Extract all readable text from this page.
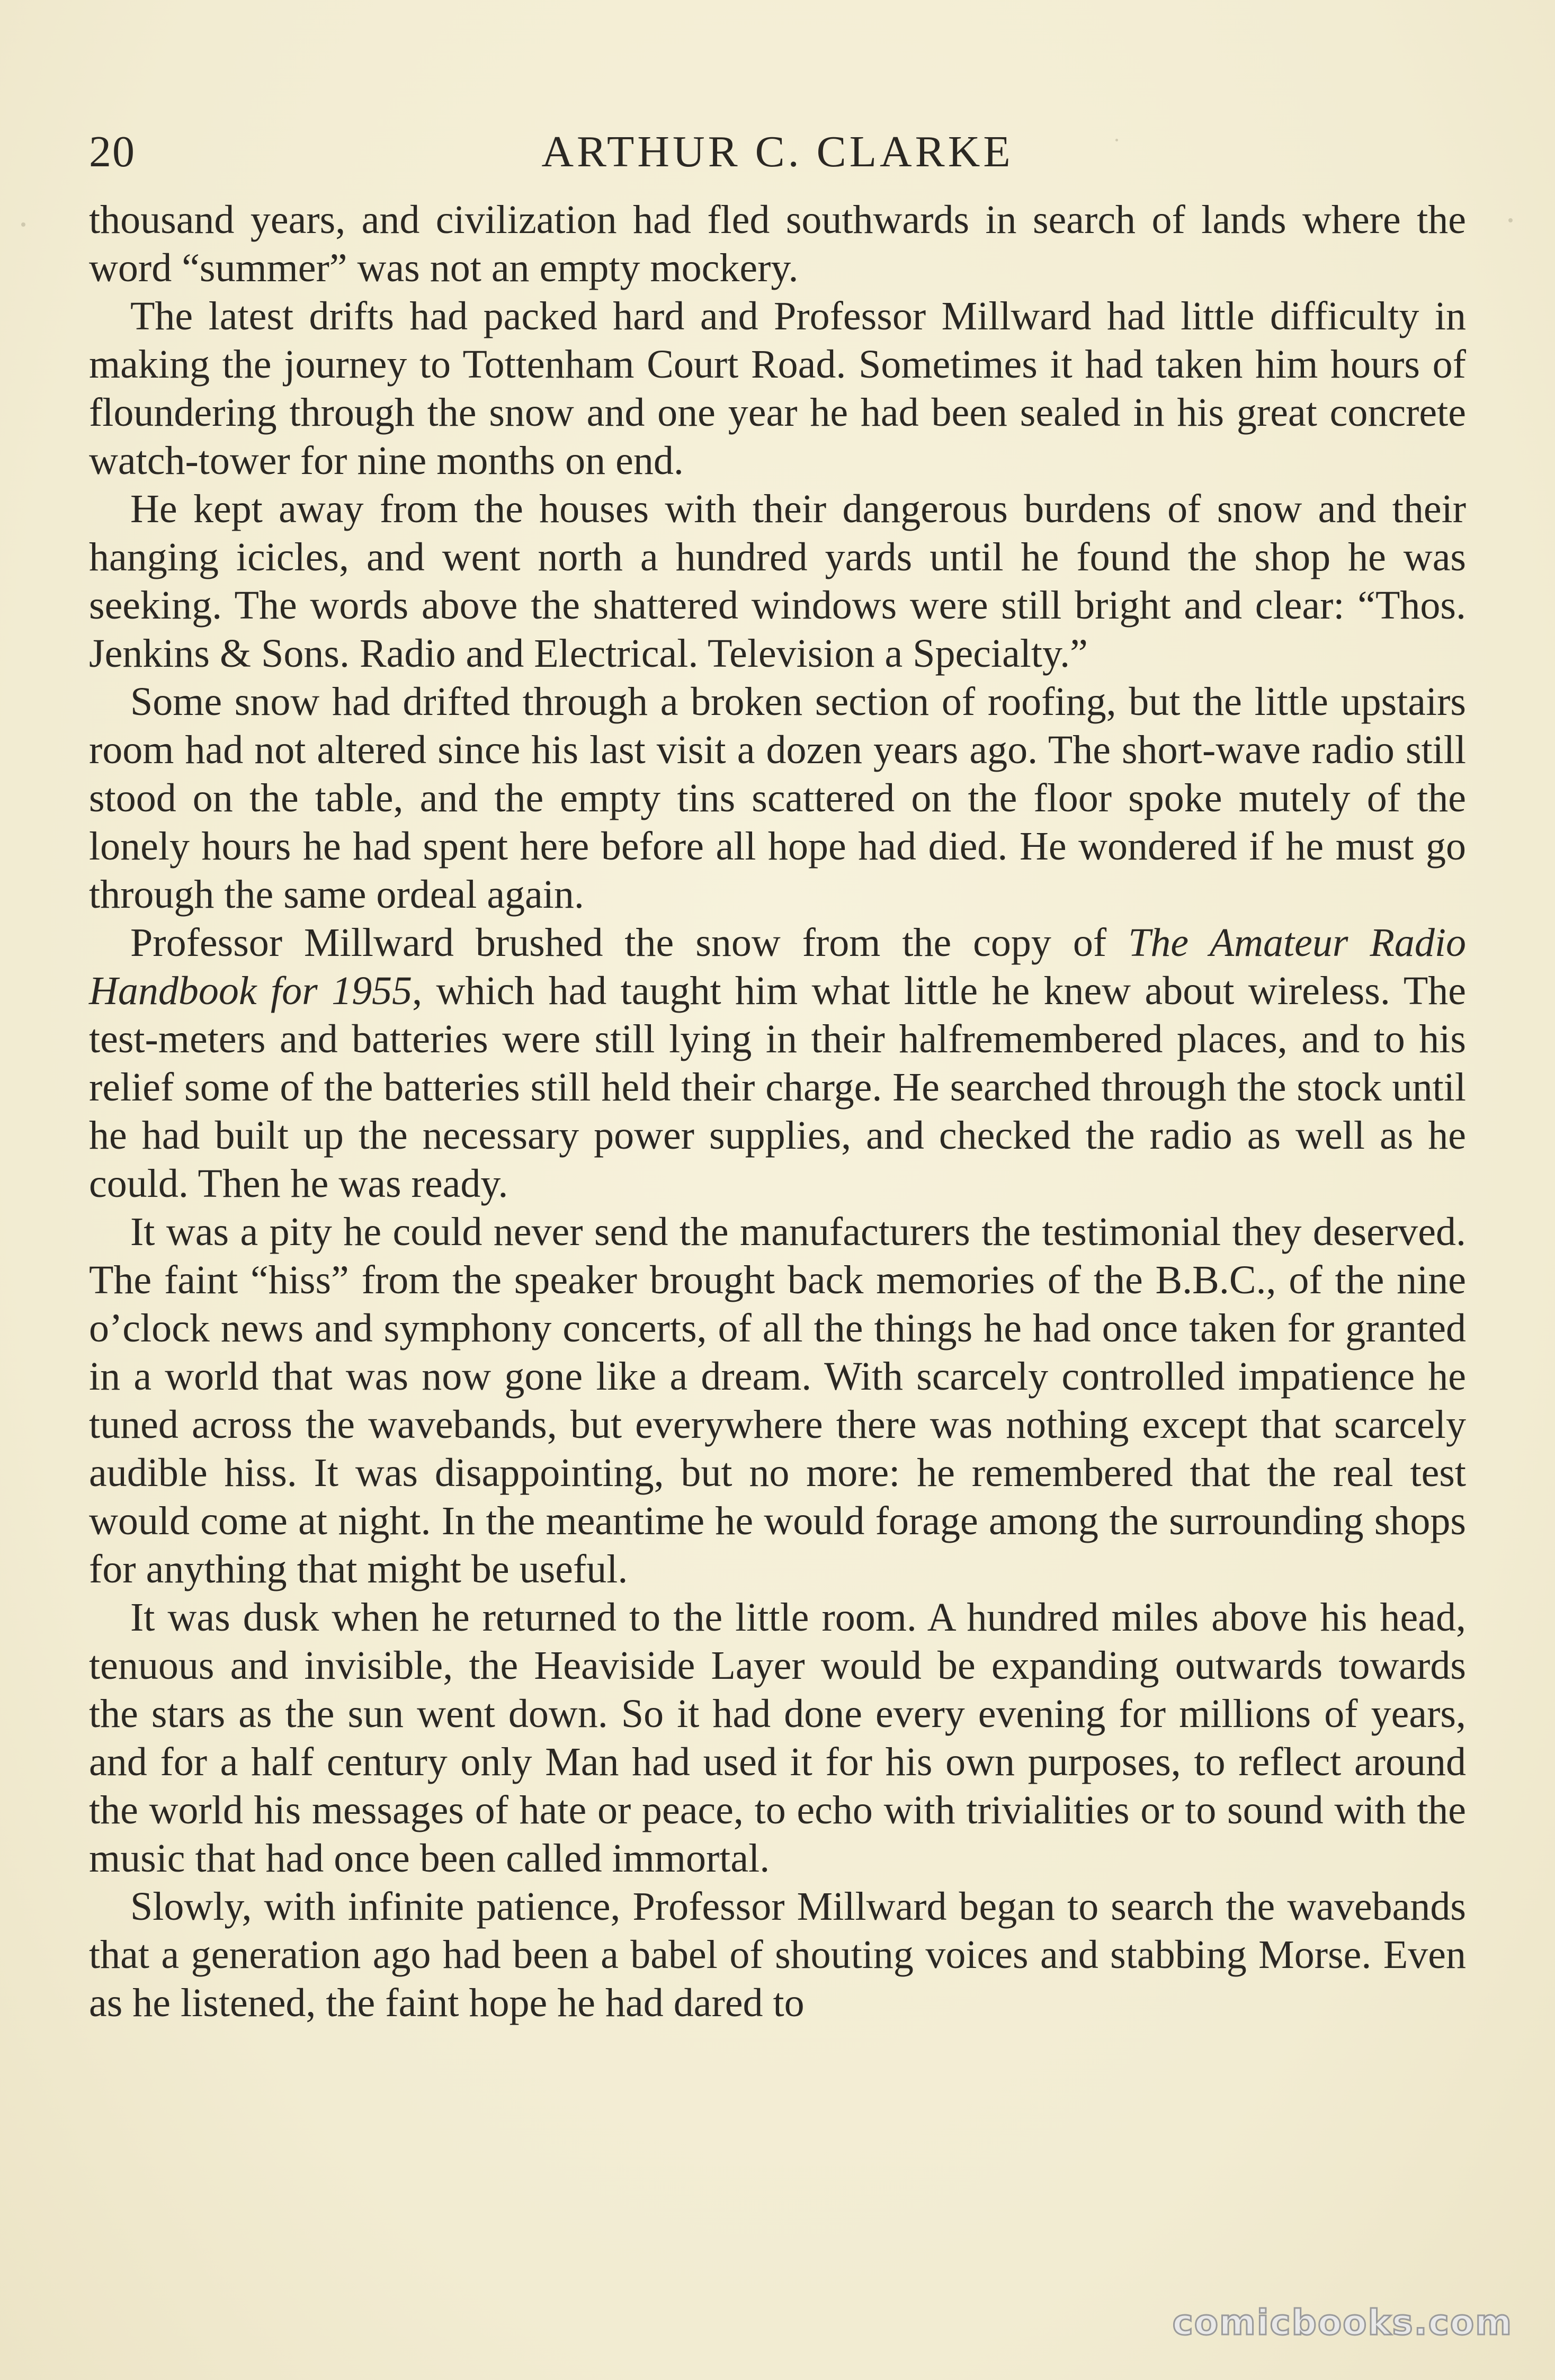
20	ARTHUR C. CLARKE

thousand years, and civilization had fled southwards in search of lands where the word “summer” was not an empty mockery.

The latest drifts had packed hard and Professor Millward had little difficulty in making the journey to Tottenham Court Road. Sometimes it had taken him hours of floundering through the snow and one year he had been sealed in his great concrete watch-tower for nine months on end.

He kept away from the houses with their dangerous burdens of snow and their hanging icicles, and went north a hundred yards until he found the shop he was seeking. The words above the shattered windows were still bright and clear: “Thos. Jenkins & Sons. Radio and Electrical. Television a Specialty.”

Some snow had drifted through a broken section of roofing, but the little upstairs room had not altered since his last visit a dozen years ago. The short-wave radio still stood on the table, and the empty tins scattered on the floor spoke mutely of the lonely hours he had spent here before all hope had died. He wondered if he must go through the same ordeal again.

Professor Millward brushed the snow from the copy of The Amateur Radio Handbook for 1955, which had taught him what little he knew about wireless. The test-meters and batteries were still lying in their halfremembered places, and to his relief some of the batteries still held their charge. He searched through the stock until he had built up the necessary power supplies, and checked the radio as well as he could. Then he was ready.

It was a pity he could never send the manufacturers the testimonial they deserved. The faint “hiss” from the speaker brought back memories of the B.B.C., of the nine o’clock news and symphony concerts, of all the things he had once taken for granted in a world that was now gone like a dream. With scarcely controlled impatience he tuned across the wavebands, but everywhere there was nothing except that scarcely audible hiss. It was disappointing, but no more: he remembered that the real test would come at night. In the meantime he would forage among the surrounding shops for anything that might be useful.

It was dusk when he returned to the little room. A hundred miles above his head, tenuous and invisible, the Heaviside Layer would be expanding outwards towards the stars as the sun went down. So it had done every evening for millions of years, and for a half century only Man had used it for his own purposes, to reflect around the world his messages of hate or peace, to echo with trivialities or to sound with the music that had once been called immortal.

Slowly, with infinite patience, Professor Millward began to search the wavebands that a generation ago had been a babel of shouting voices and stabbing Morse. Even as he listened, the faint hope he had dared to

comicbooks.com
